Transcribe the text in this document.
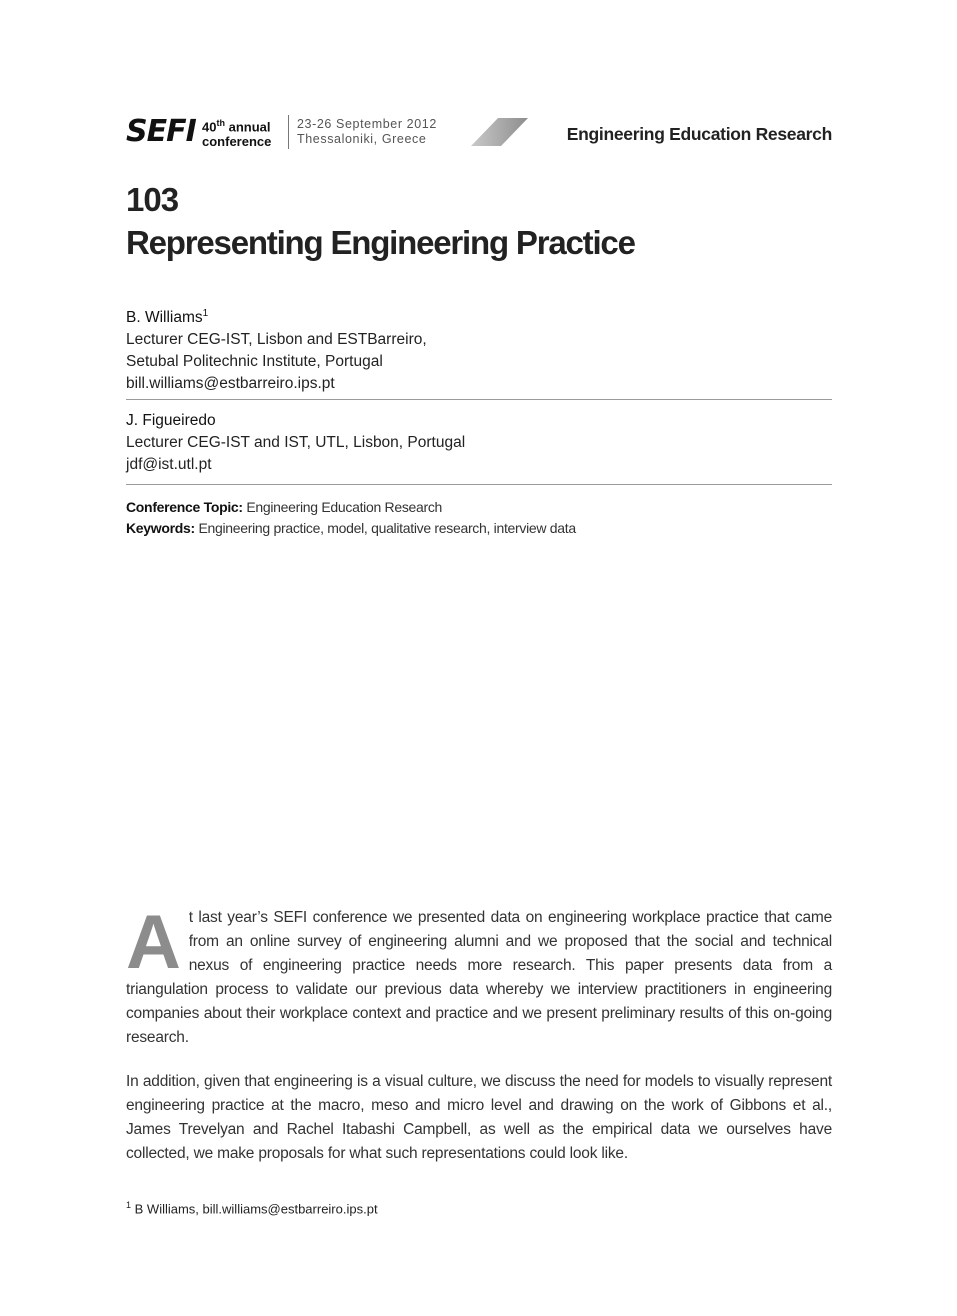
SEFI 40th annual
conference
23-26 September 2012
Thessaloniki, Greece	Engineering Education Research
103
Representing Engineering Practice
B. Williams$^1$
Lecturer CEG-IST, Lisbon and ESTBarreiro,
Setubal Politechnic Institute, Portugal
bill.williams@estbarreiro.ips.pt
J. Figueiredo
Lecturer CEG-IST and IST, UTL, Lisbon, Portugal
jdf@ist.utl.pt
Conference Topic: Engineering Education Research
Keywords: Engineering practice, model, qualitative research, interview data

At last year’s SEFI conference we presented data on engineering workplace practice that came from an online survey of engineering alumni and we proposed that the social and technical nexus of engineering practice needs more research. This paper presents data from a triangulation process to validate our previous data whereby we interview practitioners in engineering companies about their workplace context and practice and we present preliminary results of this on-going research.

In addition, given that engineering is a visual culture, we discuss the need for models to visually represent engineering practice at the macro, meso and micro level and drawing on the work of Gibbons et al., James Trevelyan and Rachel Itabashi Campbell, as well as the empirical data we ourselves have collected, we make proposals for what such representations could look like.

$^1$ B Williams, bill.williams@estbarreiro.ips.pt
